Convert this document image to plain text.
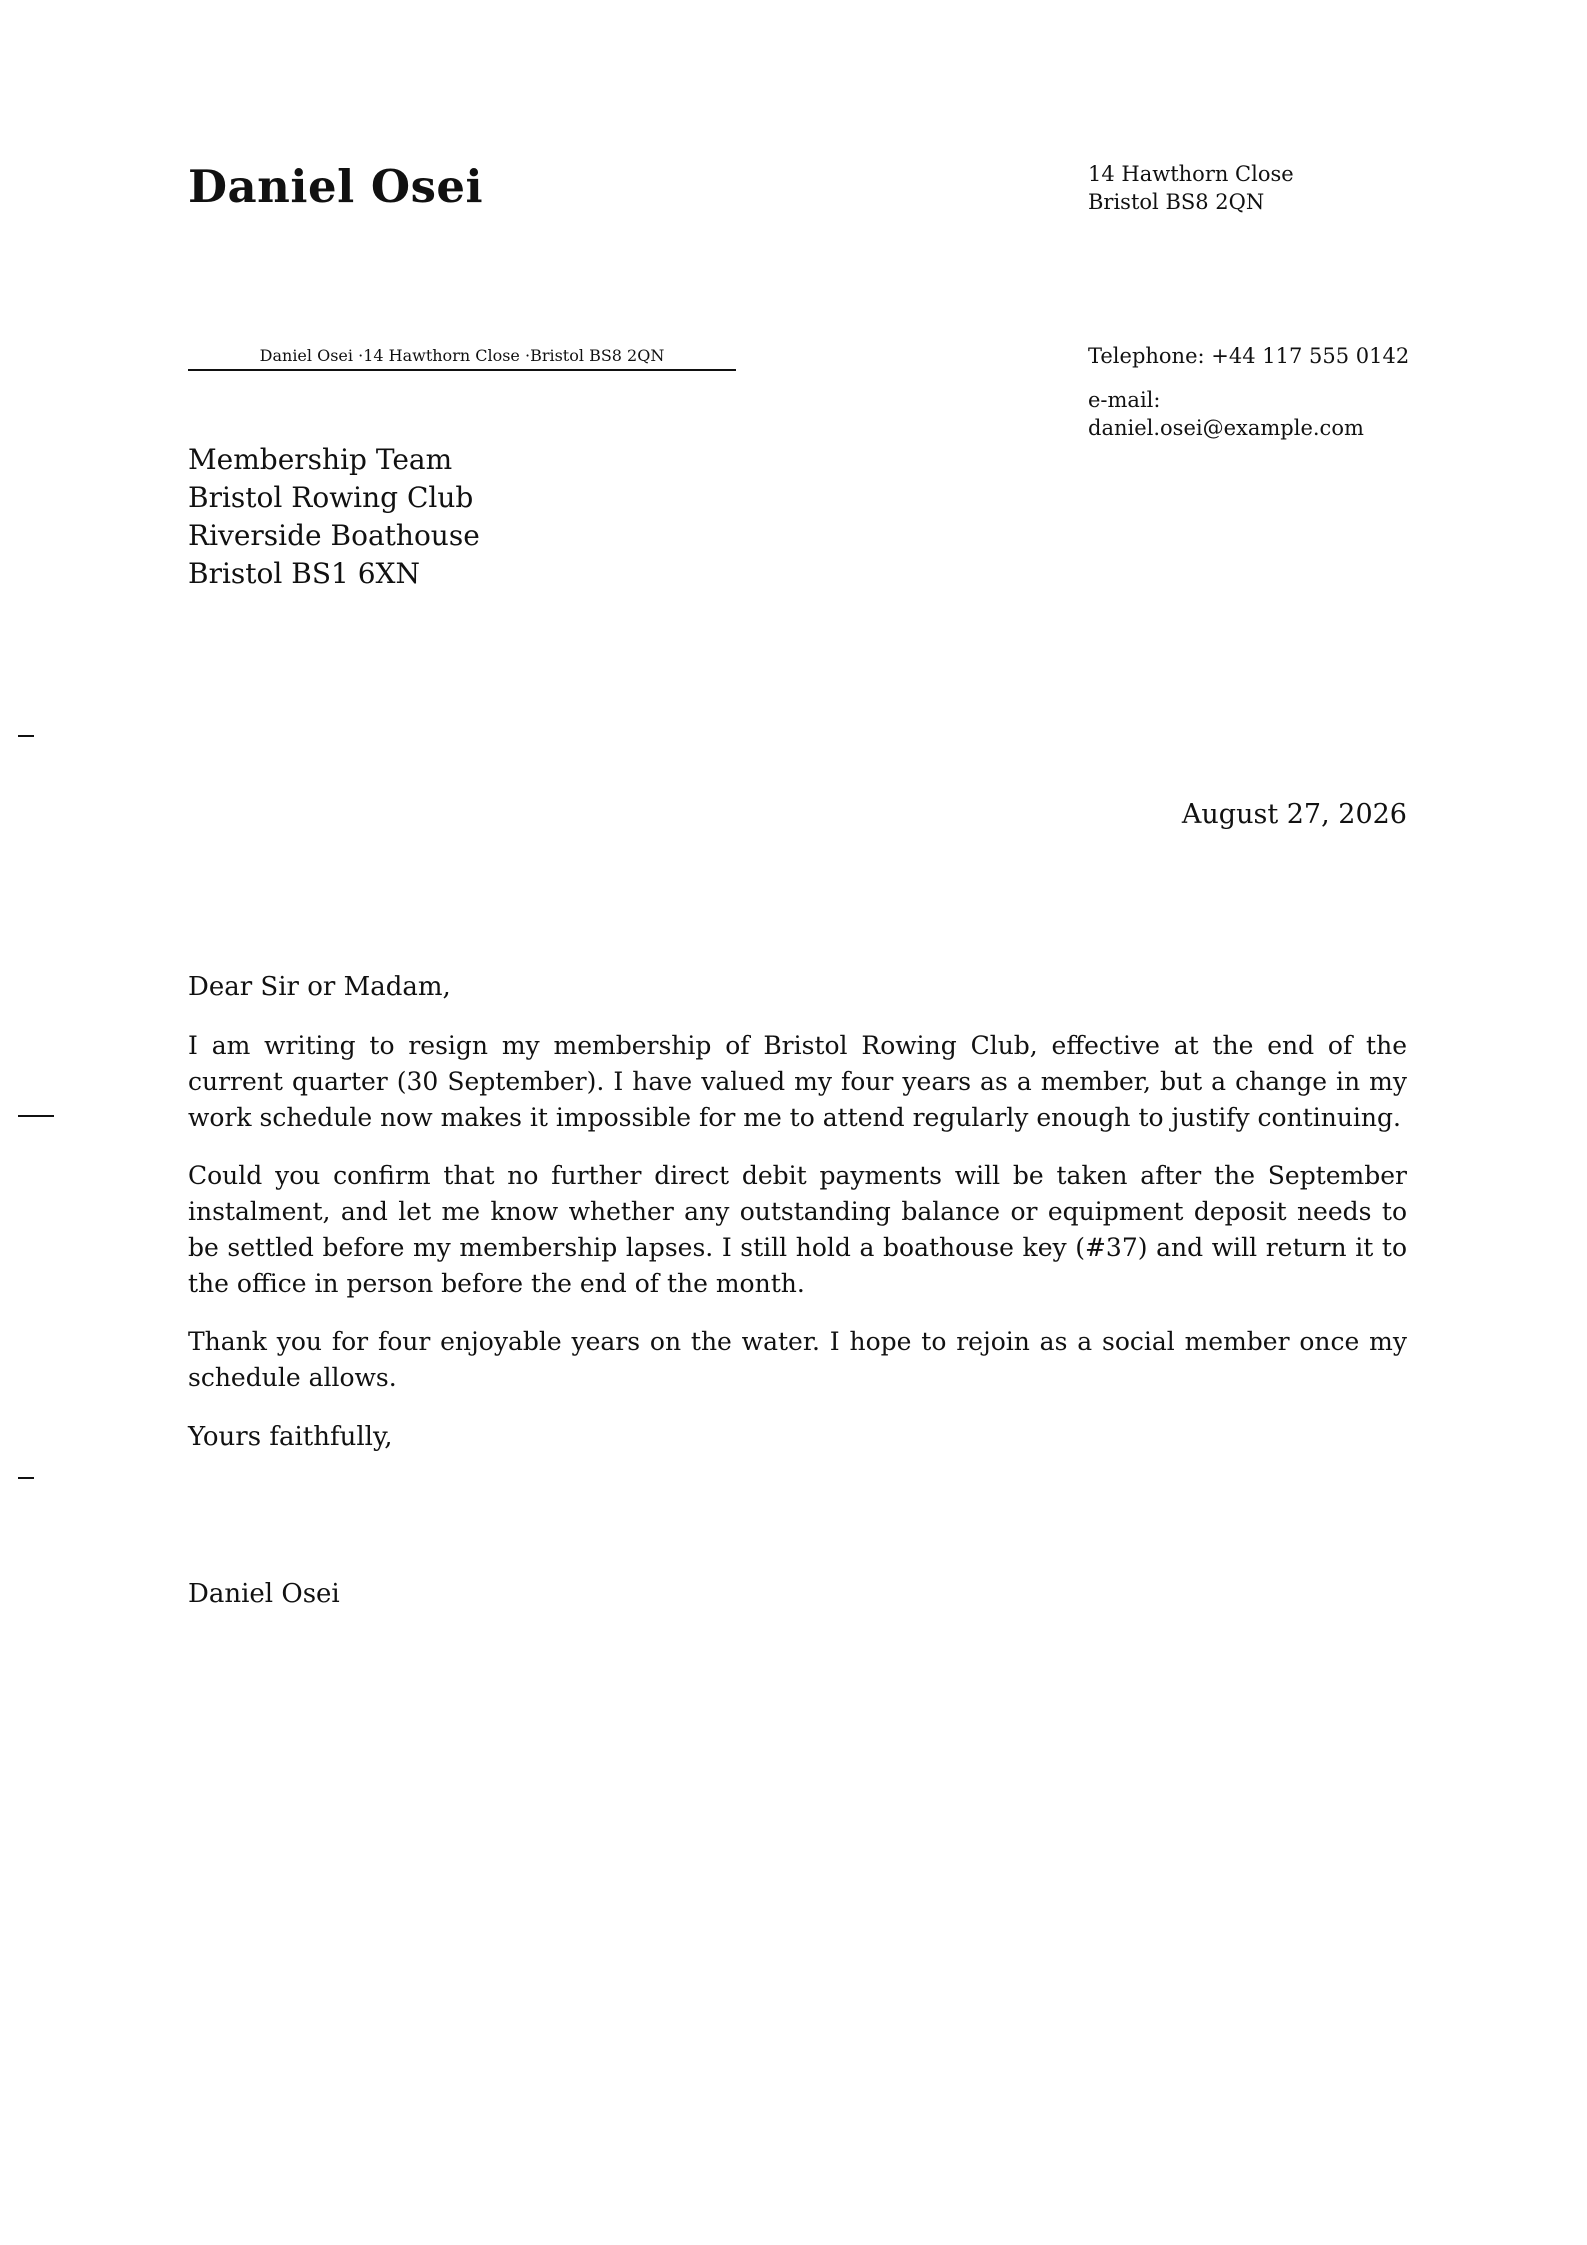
Daniel Osei	14 Hawthorn Close
Bristol BS8 2QN
Daniel Osei ·14 Hawthorn Close ·Bristol BS8 2QN	Telephone: +44 117 555 0142
e-mail:
daniel.osei@example.com
Membership Team
Bristol Rowing Club
Riverside Boathouse
Bristol BS1 6XN
August 27, 2026
Dear Sir or Madam,

I am writing to resign my membership of Bristol Rowing Club, effective at the end of the current quarter (30 September). I have valued my four years as a member, but a change in my work schedule now makes it impossible for me to attend regularly enough to justify continuing.

Could you confirm that no further direct debit payments will be taken after the September instalment, and let me know whether any outstanding balance or equipment deposit needs to be settled before my membership lapses. I still hold a boathouse key (#37) and will return it to the office in person before the end of the month.

Thank you for four enjoyable years on the water. I hope to rejoin as a social member once my schedule allows.

Yours faithfully,
Daniel Osei
